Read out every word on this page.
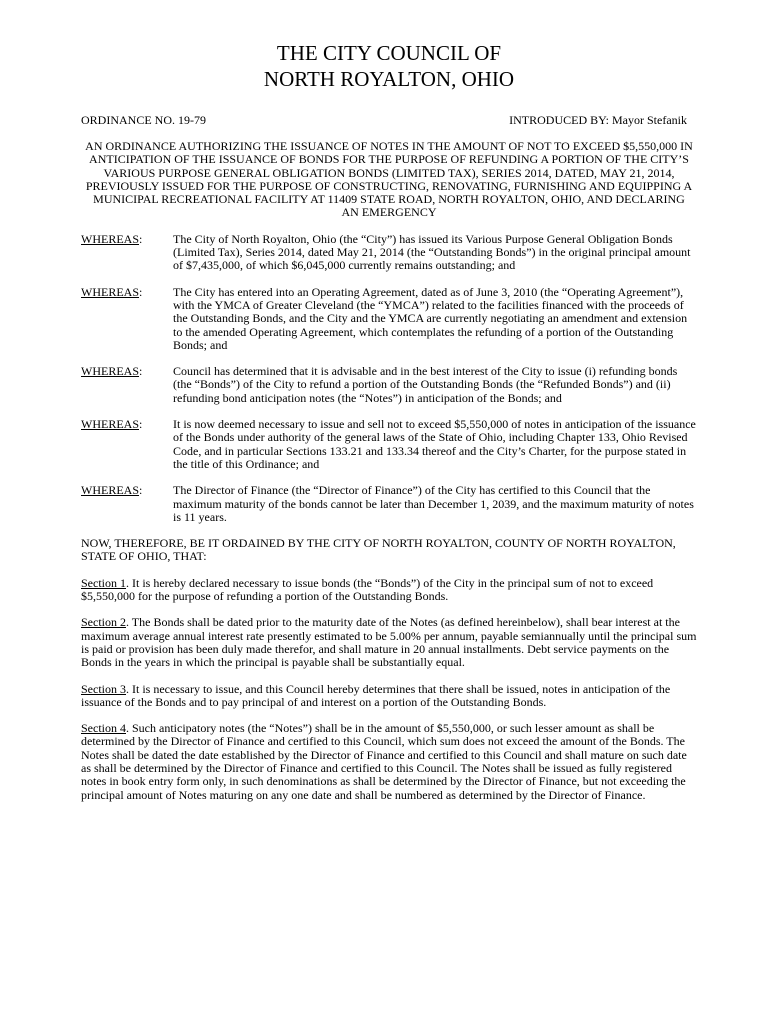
THE CITY COUNCIL OF
NORTH ROYALTON, OHIO
ORDINANCE NO. 19-79	INTRODUCED BY: Mayor Stefanik
AN ORDINANCE AUTHORIZING THE ISSUANCE OF NOTES IN THE AMOUNT OF NOT TO EXCEED $5,550,000 IN ANTICIPATION OF THE ISSUANCE OF BONDS FOR THE PURPOSE OF REFUNDING A PORTION OF THE CITY’S VARIOUS PURPOSE GENERAL OBLIGATION BONDS (LIMITED TAX), SERIES 2014, DATED, MAY 21, 2014, PREVIOUSLY ISSUED FOR THE PURPOSE OF CONSTRUCTING, RENOVATING, FURNISHING AND EQUIPPING A MUNICIPAL RECREATIONAL FACILITY AT 11409 STATE ROAD, NORTH ROYALTON, OHIO, AND DECLARING AN EMERGENCY
WHEREAS:	The City of North Royalton, Ohio (the “City”) has issued its Various Purpose General Obligation Bonds (Limited Tax), Series 2014, dated May 21, 2014 (the “Outstanding Bonds”) in the original principal amount of $7,435,000, of which $6,045,000 currently remains outstanding; and
WHEREAS:	The City has entered into an Operating Agreement, dated as of June 3, 2010 (the “Operating Agreement”), with the YMCA of Greater Cleveland (the “YMCA”) related to the facilities financed with the proceeds of the Outstanding Bonds, and the City and the YMCA are currently negotiating an amendment and extension to the amended Operating Agreement, which contemplates the refunding of a portion of the Outstanding Bonds; and
WHEREAS:	Council has determined that it is advisable and in the best interest of the City to issue (i) refunding bonds (the “Bonds”) of the City to refund a portion of the Outstanding Bonds (the “Refunded Bonds”) and (ii) refunding bond anticipation notes (the “Notes”) in anticipation of the Bonds; and
WHEREAS:	It is now deemed necessary to issue and sell not to exceed $5,550,000 of notes in anticipation of the issuance of the Bonds under authority of the general laws of the State of Ohio, including Chapter 133, Ohio Revised Code, and in particular Sections 133.21 and 133.34 thereof and the City’s Charter, for the purpose stated in the title of this Ordinance; and
WHEREAS:	The Director of Finance (the “Director of Finance”) of the City has certified to this Council that the maximum maturity of the bonds cannot be later than December 1, 2039, and the maximum maturity of notes is 11 years.
NOW, THEREFORE, BE IT ORDAINED BY THE CITY OF NORTH ROYALTON, COUNTY OF NORTH ROYALTON, STATE OF OHIO, THAT:
Section 1. It is hereby declared necessary to issue bonds (the “Bonds”) of the City in the principal sum of not to exceed $5,550,000 for the purpose of refunding a portion of the Outstanding Bonds.
Section 2. The Bonds shall be dated prior to the maturity date of the Notes (as defined hereinbelow), shall bear interest at the maximum average annual interest rate presently estimated to be 5.00% per annum, payable semiannually until the principal sum is paid or provision has been duly made therefor, and shall mature in 20 annual installments. Debt service payments on the Bonds in the years in which the principal is payable shall be substantially equal.
Section 3. It is necessary to issue, and this Council hereby determines that there shall be issued, notes in anticipation of the issuance of the Bonds and to pay principal of and interest on a portion of the Outstanding Bonds.
Section 4. Such anticipatory notes (the “Notes”) shall be in the amount of $5,550,000, or such lesser amount as shall be determined by the Director of Finance and certified to this Council, which sum does not exceed the amount of the Bonds. The Notes shall be dated the date established by the Director of Finance and certified to this Council and shall mature on such date as shall be determined by the Director of Finance and certified to this Council. The Notes shall be issued as fully registered notes in book entry form only, in such denominations as shall be determined by the Director of Finance, but not exceeding the principal amount of Notes maturing on any one date and shall be numbered as determined by the Director of Finance.
